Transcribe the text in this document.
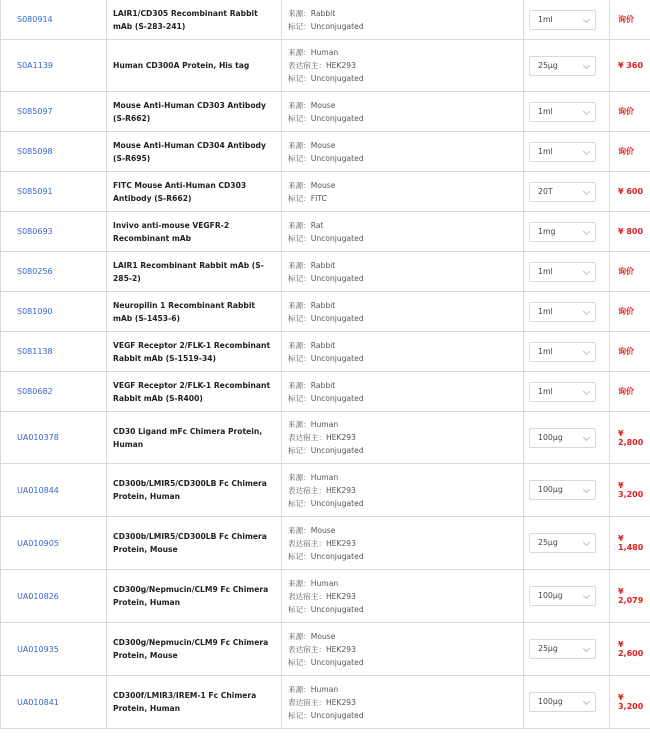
S080914	LAIR1/CD305 Recombinant Rabbit mAb (S-283-241)	来源：Rabbit
标记：Unconjugated	1ml	询价
S0A1139	Human CD300A Protein, His tag	来源：Human
表达宿主：HEK293
标记：Unconjugated	25μg	¥ 360
S085097	Mouse Anti-Human CD303 Antibody (S-R662)	来源：Mouse
标记：Unconjugated	1ml	询价
S085098	Mouse Anti-Human CD304 Antibody (S-R695)	来源：Mouse
标记：Unconjugated	1ml	询价
S085091	FITC Mouse Anti-Human CD303 Antibody (S-R662)	来源：Mouse
标记：FITC	20T	¥ 600
S080693	Invivo anti-mouse VEGFR-2 Recombinant mAb	来源：Rat
标记：Unconjugated	1mg	¥ 800
S080256	LAIR1 Recombinant Rabbit mAb (S-285-2)	来源：Rabbit
标记：Unconjugated	1ml	询价
S081090	Neuropilin 1 Recombinant Rabbit mAb (S-1453-6)	来源：Rabbit
标记：Unconjugated	1ml	询价
S081138	VEGF Receptor 2/FLK-1 Recombinant Rabbit mAb (S-1519-34)	来源：Rabbit
标记：Unconjugated	1ml	询价
S080682	VEGF Receptor 2/FLK-1 Recombinant Rabbit mAb (S-R400)	来源：Rabbit
标记：Unconjugated	1ml	询价
UA010378	CD30 Ligand mFc Chimera Protein, Human	来源：Human
表达宿主：HEK293
标记：Unconjugated	100μg	¥ 2,800
UA010844	CD300b/LMIR5/CD300LB Fc Chimera Protein, Human	来源：Human
表达宿主：HEK293
标记：Unconjugated	100μg	¥ 3,200
UA010905	CD300b/LMIR5/CD300LB Fc Chimera Protein, Mouse	来源：Mouse
表达宿主：HEK293
标记：Unconjugated	25μg	¥ 1,480
UA010826	CD300g/Nepmucin/CLM9 Fc Chimera Protein, Human	来源：Human
表达宿主：HEK293
标记：Unconjugated	100μg	¥ 2,079
UA010935	CD300g/Nepmucin/CLM9 Fc Chimera Protein, Mouse	来源：Mouse
表达宿主：HEK293
标记：Unconjugated	25μg	¥ 2,600
UA010841	CD300f/LMIR3/IREM-1 Fc Chimera Protein, Human	来源：Human
表达宿主：HEK293
标记：Unconjugated	100μg	¥ 3,200
